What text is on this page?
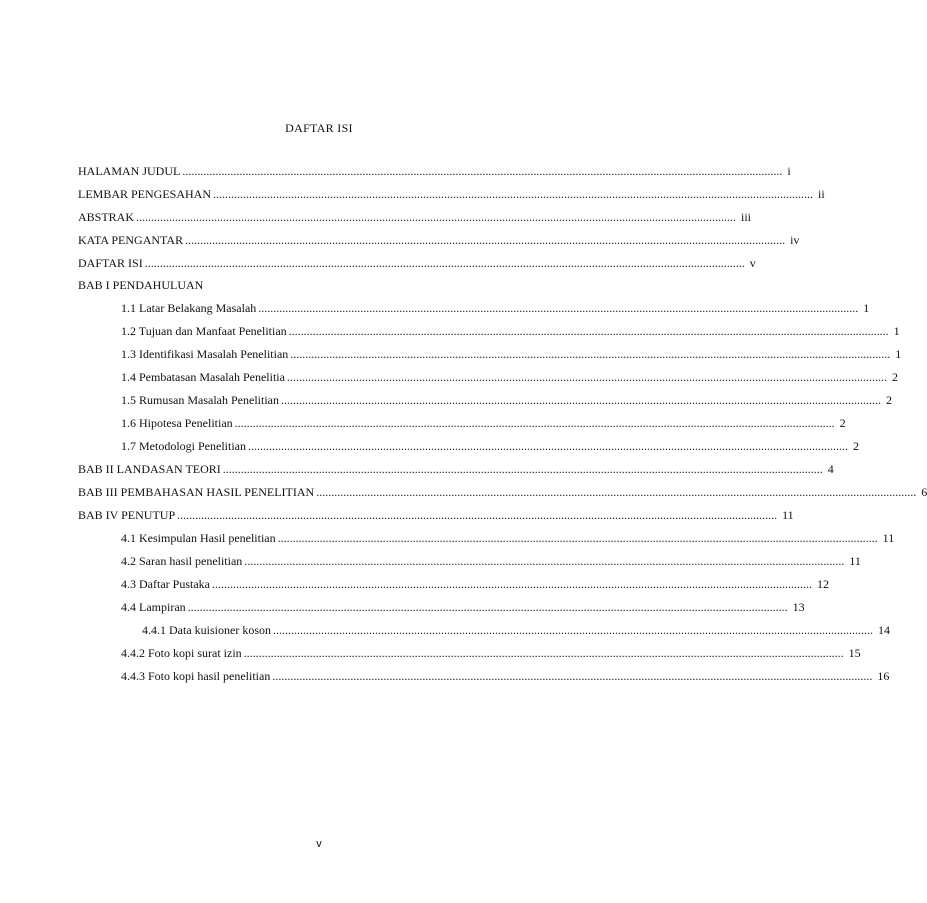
DAFTAR ISI
HALAMAN JUDUL ........................................................................................................................................................................................................ i
LEMBAR PENGESAHAN ........................................................................................................................................................................................................ ii
ABSTRAK ........................................................................................................................................................................................................ iii
KATA PENGANTAR ........................................................................................................................................................................................................ iv
DAFTAR ISI ........................................................................................................................................................................................................ v
BAB I PENDAHULUAN
1.1 Latar Belakang Masalah ........................................................................................................................................................................................................ 1
1.2 Tujuan dan Manfaat Penelitian ........................................................................................................................................................................................................ 1
1.3 Identifikasi Masalah Penelitian ........................................................................................................................................................................................................ 1
1.4 Pembatasan Masalah Penelitia ........................................................................................................................................................................................................ 2
1.5 Rumusan Masalah Penelitian ........................................................................................................................................................................................................ 2
1.6 Hipotesa Penelitian ........................................................................................................................................................................................................ 2
1.7 Metodologi Penelitian ........................................................................................................................................................................................................ 2
BAB II LANDASAN TEORI ........................................................................................................................................................................................................ 4
BAB III PEMBAHASAN HASIL PENELITIAN ........................................................................................................................................................................................................ 6
BAB IV PENUTUP ........................................................................................................................................................................................................ 11
4.1 Kesimpulan Hasil penelitian ........................................................................................................................................................................................................ 11
4.2 Saran hasil penelitian ........................................................................................................................................................................................................ 11
4.3 Daftar Pustaka ........................................................................................................................................................................................................ 12
4.4 Lampiran ........................................................................................................................................................................................................ 13
4.4.1 Data kuisioner koson ........................................................................................................................................................................................................ 14
4.4.2 Foto kopi surat izin ........................................................................................................................................................................................................ 15
4.4.3 Foto kopi hasil penelitian ........................................................................................................................................................................................................ 16
v
